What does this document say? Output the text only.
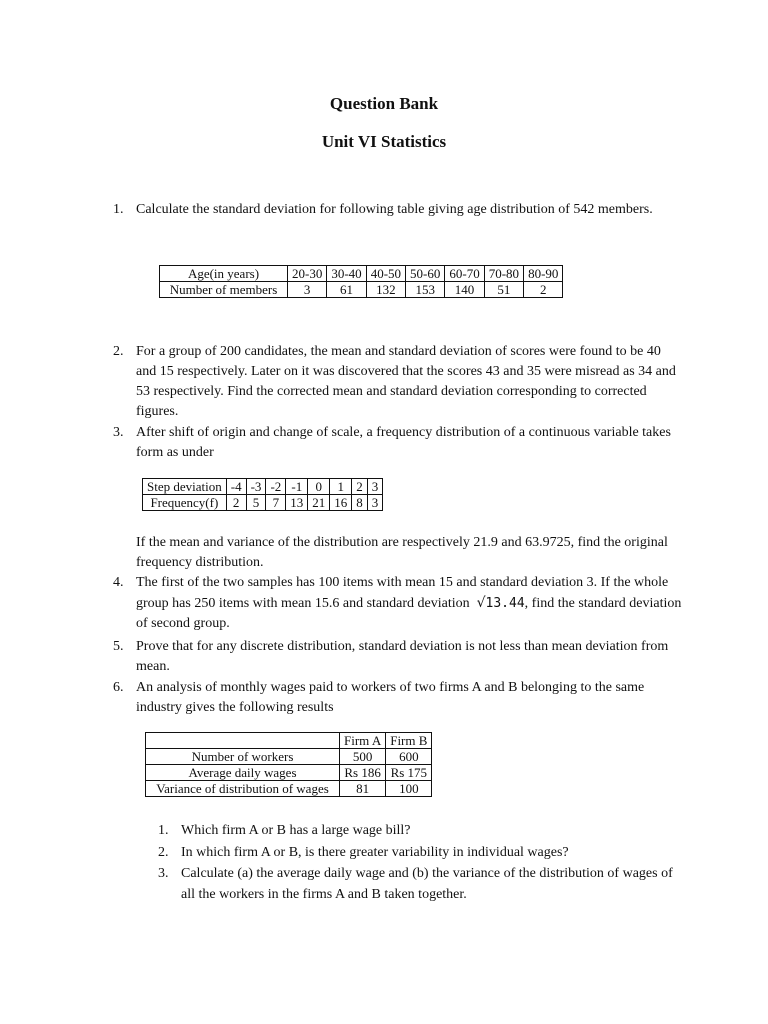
Question Bank
Unit VI Statistics
1. Calculate the standard deviation for following table giving age distribution of 542 members.
Age(in years)	20-30	30-40	40-50	50-60	60-70	70-80	80-90
Number of members	3	61	132	153	140	51	2
2. For a group of 200 candidates, the mean and standard deviation of scores were found to be 40 and 15 respectively. Later on it was discovered that the scores 43 and 35 were misread as 34 and 53 respectively. Find the corrected mean and standard deviation corresponding to corrected figures.
3. After shift of origin and change of scale, a frequency distribution of a continuous variable takes form as under
Step deviation	-4	-3	-2	-1	0	1	2	3
Frequency(f)	2	5	7	13	21	16	8	3
If the mean and variance of the distribution are respectively 21.9 and 63.9725, find the original frequency distribution.
4. The first of the two samples has 100 items with mean 15 and standard deviation 3. If the whole group has 250 items with mean 15.6 and standard deviation √13.44, find the standard deviation of second group.
5. Prove that for any discrete distribution, standard deviation is not less than mean deviation from mean.
6. An analysis of monthly wages paid to workers of two firms A and B belonging to the same industry gives the following results
	Firm A	Firm B
Number of workers	500	600
Average daily wages	Rs 186	Rs 175
Variance of distribution of wages	81	100
1. Which firm A or B has a large wage bill?
2. In which firm A or B, is there greater variability in individual wages?
3. Calculate (a) the average daily wage and (b) the variance of the distribution of wages of all the workers in the firms A and B taken together.
